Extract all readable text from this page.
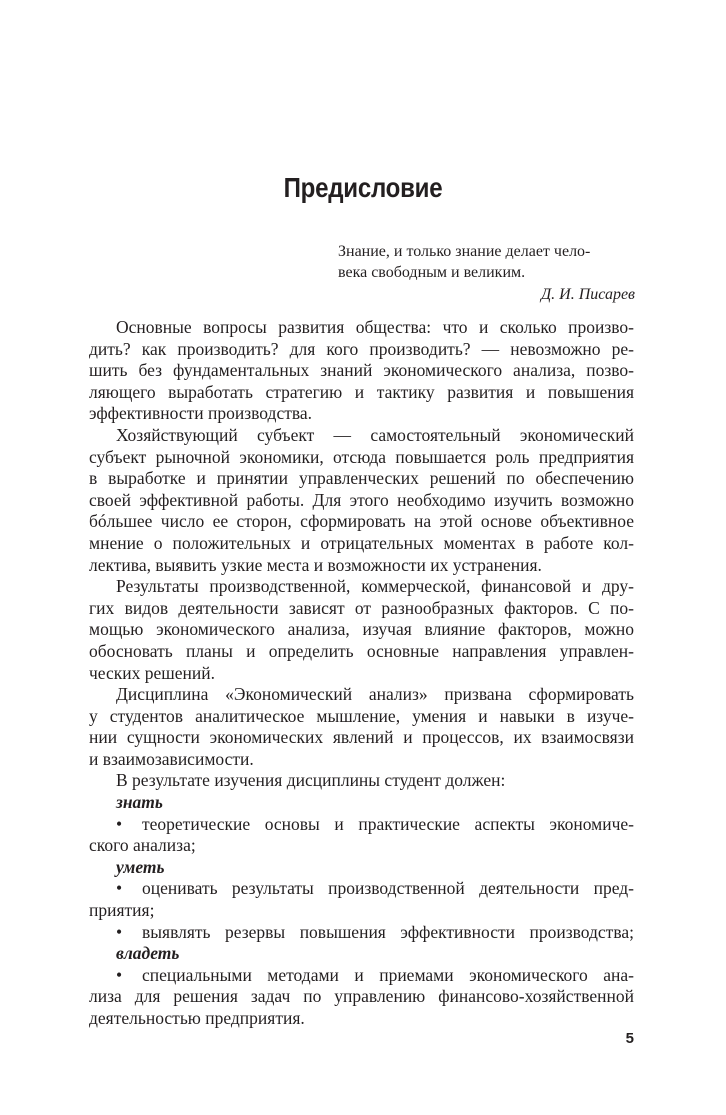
Предисловие
Знание, и только знание делает чело-
века свободным и великим.
Д. И. Писарев
Основные вопросы развития общества: что и сколько произво-
дить? как производить? для кого производить? — невозможно ре-
шить без фундаментальных знаний экономического анализа, позво-
ляющего выработать стратегию и тактику развития и повышения
эффективности производства.
Хозяйствующий субъект — самостоятельный экономический
субъект рыночной экономики, отсюда повышается роль предприятия
в выработке и принятии управленческих решений по обеспечению
своей эффективной работы. Для этого необходимо изучить возможно
бóльшее число ее сторон, сформировать на этой основе объективное
мнение о положительных и отрицательных моментах в работе кол-
лектива, выявить узкие места и возможности их устранения.
Результаты производственной, коммерческой, финансовой и дру-
гих видов деятельности зависят от разнообразных факторов. С по-
мощью экономического анализа, изучая влияние факторов, можно
обосновать планы и определить основные направления управлен-
ческих решений.
Дисциплина «Экономический анализ» призвана сформировать
у студентов аналитическое мышление, умения и навыки в изуче-
нии сущности экономических явлений и процессов, их взаимосвязи
и взаимозависимости.
В результате изучения дисциплины студент должен:
знать
• теоретические основы и практические аспекты экономиче-
ского анализа;
уметь
• оценивать результаты производственной деятельности пред-
приятия;
• выявлять резервы повышения эффективности производства;
владеть
• специальными методами и приемами экономического ана-
лиза для решения задач по управлению финансово-хозяйственной
деятельностью предприятия.
5
